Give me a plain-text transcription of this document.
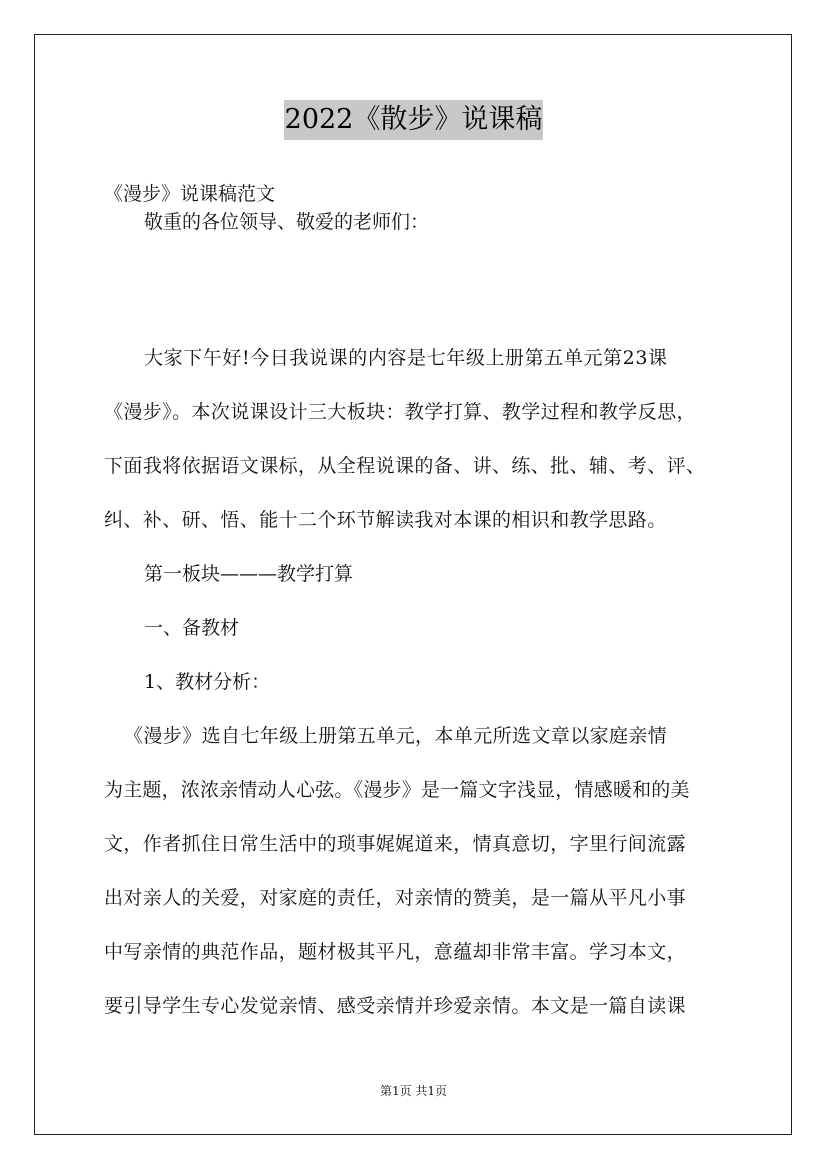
2022《散步》说课稿
《漫步》说课稿范文
敬重的各位领导、敬爱的老师们：
大家下午好!今日我说课的内容是七年级上册第五单元第23课
《漫步》。本次说课设计三大板块：教学打算、教学过程和教学反思，
下面我将依据语文课标，从全程说课的备、讲、练、批、辅、考、评、
纠、补、研、悟、能十二个环节解读我对本课的相识和教学思路。
第一板块———教学打算
一、备教材
1、教材分析：
《漫步》选自七年级上册第五单元，本单元所选文章以家庭亲情
为主题，浓浓亲情动人心弦。《漫步》是一篇文字浅显，情感暖和的美
文，作者抓住日常生活中的琐事娓娓道来，情真意切，字里行间流露
出对亲人的关爱，对家庭的责任，对亲情的赞美，是一篇从平凡小事
中写亲情的典范作品，题材极其平凡，意蕴却非常丰富。学习本文，
要引导学生专心发觉亲情、感受亲情并珍爱亲情。本文是一篇自读课
第1页 共1页
